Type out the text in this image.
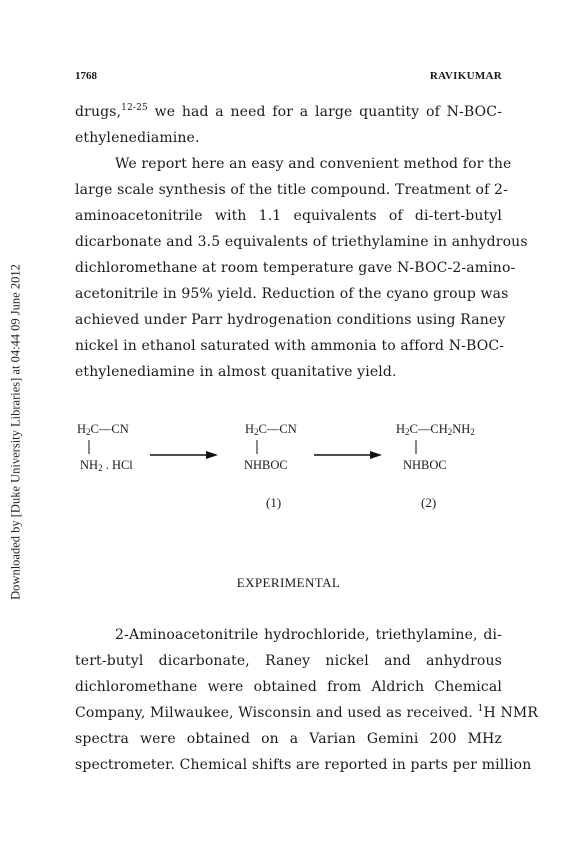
Downloaded by [Duke University Libraries] at 04:44 09 June 2012
1768	RAVIKUMAR
drugs,$^{12-25}$ we had a need for a large quantity of N-BOC-
ethylenediamine.
We report here an easy and convenient method for the
large scale synthesis of the title compound. Treatment of 2-
aminoacetonitrile with 1.1 equivalents of di-tert-butyl
dicarbonate and 3.5 equivalents of triethylamine in anhydrous
dichloromethane at room temperature gave N-BOC-2-amino-
acetonitrile in 95% yield. Reduction of the cyano group was
achieved under Parr hydrogenation conditions using Raney
nickel in ethanol saturated with ammonia to afford N-BOC-
ethylenediamine in almost quanitative yield.
$H_2C—CN$
$NH_2$ . HCl
$H_2C—CN$
NHBOC
(1)
$H_2C—CH_2NH_2$
NHBOC
(2)
EXPERIMENTAL
2-Aminoacetonitrile hydrochloride, triethylamine, di-
tert-butyl dicarbonate, Raney nickel and anhydrous
dichloromethane were obtained from Aldrich Chemical
Company, Milwaukee, Wisconsin and used as received. $^1$H NMR
spectra were obtained on a Varian Gemini 200 MHz
spectrometer. Chemical shifts are reported in parts per million
